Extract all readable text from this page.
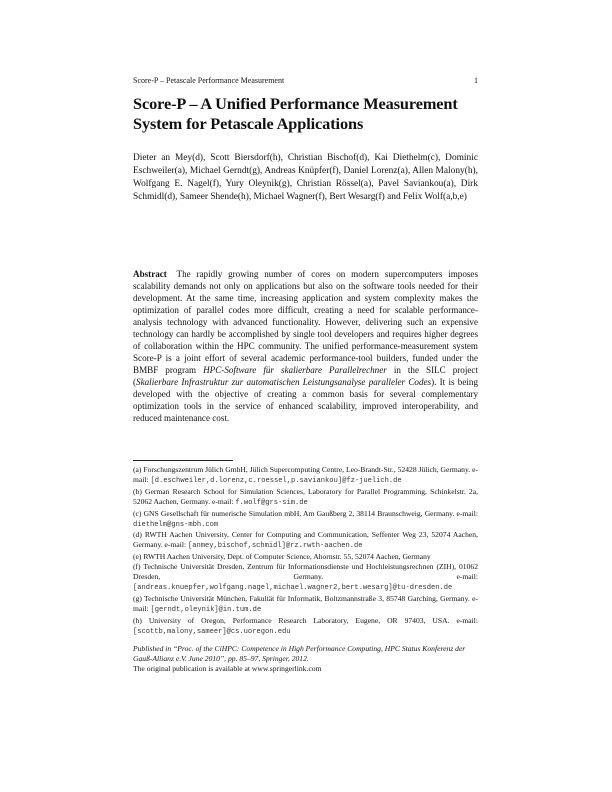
Score-P – Petascale Performance Measurement	1
Score-P – A Unified Performance Measurement
System for Petascale Applications

Dieter an Mey(d), Scott Biersdorf(h), Christian Bischof(d), Kai Diethelm(c), Dominic Eschweiler(a), Michael Gerndt(g), Andreas Knüpfer(f), Daniel Lorenz(a), Allen Malony(h), Wolfgang E. Nagel(f), Yury Oleynik(g), Christian Rössel(a), Pavel Saviankou(a), Dirk Schmidl(d), Sameer Shende(h), Michael Wagner(f), Bert Wesarg(f) and Felix Wolf(a,b,e)

Abstract The rapidly growing number of cores on modern supercomputers imposes scalability demands not only on applications but also on the software tools needed for their development. At the same time, increasing application and system complexity makes the optimization of parallel codes more difficult, creating a need for scalable performance-analysis technology with advanced functionality. However, delivering such an expensive technology can hardly be accomplished by single tool developers and requires higher degrees of collaboration within the HPC community. The unified performance-measurement system Score-P is a joint effort of several academic performance-tool builders, funded under the BMBF program HPC-Software für skalierbare Parallelrechner in the SILC project (Skalierbare Infrastruktur zur automatischen Leistungsanalyse paralleler Codes). It is being developed with the objective of creating a common basis for several complementary optimization tools in the service of enhanced scalability, improved interoperability, and reduced maintenance cost.

(a) Forschungszentrum Jülich GmbH, Jülich Supercomputing Centre, Leo-Brandt-Str., 52428 Jülich, Germany. e-mail: [d.eschweiler,d.lorenz,c.roessel,p.saviankou]@fz-juelich.de

(b) German Research School for Simulation Sciences, Laboratory for Parallel Programming, Schinkelstr. 2a, 52062 Aachen, Germany. e-mail: f.wolf@grs-sim.de

(c) GNS Gesellschaft für numerische Simulation mbH, Am Gaußberg 2, 38114 Braunschweig, Germany. e-mail: diethelm@gns-mbh.com

(d) RWTH Aachen University, Center for Computing and Communication, Seffenter Weg 23, 52074 Aachen, Germany. e-mail: [anmey,bischof,schmidl]@rz.rwth-aachen.de

(e) RWTH Aachen University, Dept. of Computer Science, Ahornstr. 55, 52074 Aachen, Germany

(f) Technische Universität Dresden, Zentrum für Informationsdienste und Hochleistungsrechnen (ZIH), 01062 Dresden, Germany. e-mail: [andreas.knuepfer,wolfgang.nagel,michael.wagner2,bert.wesarg]@tu-dresden.de

(g) Technische Universität München, Fakultät für Informatik, Boltzmannstraße 3, 85748 Garching, Germany. e-mail: [gerndt,oleynik]@in.tum.de

(h) University of Oregon, Performance Research Laboratory, Eugene, OR 97403, USA. e-mail: [scottb,malony,sameer]@cs.uoregon.edu

Published in “Proc. of the CiHPC: Competence in High Performance Computing, HPC Status Konferenz der Gauß-Allianz e.V. June 2010”, pp. 85–97, Springer, 2012.

The original publication is available at www.springerlink.com
